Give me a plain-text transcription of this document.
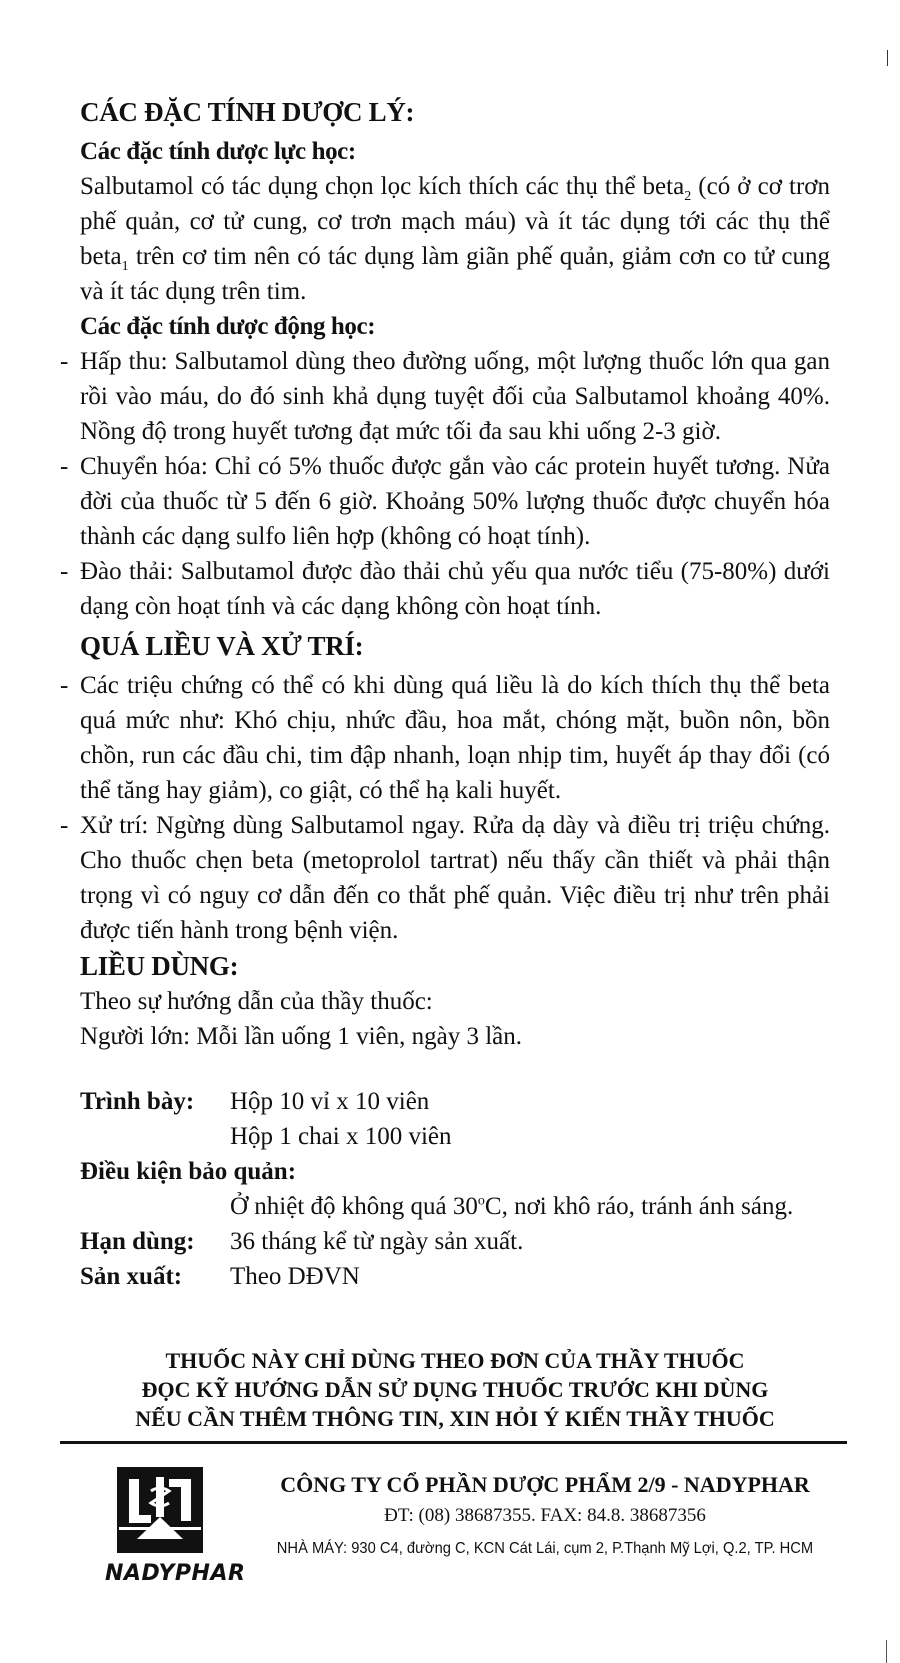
CÁC ĐẶC TÍNH DƯỢC LÝ:
Các đặc tính dược lực học:

Salbutamol có tác dụng chọn lọc kích thích các thụ thể beta$_2$ (có ở cơ trơn phế quản, cơ tử cung, cơ trơn mạch máu) và ít tác dụng tới các thụ thể beta$_1$ trên cơ tim nên có tác dụng làm giãn phế quản, giảm cơn co tử cung và ít tác dụng trên tim.

Các đặc tính dược động học:

- Hấp thu: Salbutamol dùng theo đường uống, một lượng thuốc lớn qua gan rồi vào máu, do đó sinh khả dụng tuyệt đối của Salbutamol khoảng 40%. Nồng độ trong huyết tương đạt mức tối đa sau khi uống 2-3 giờ.

- Chuyển hóa: Chỉ có 5% thuốc được gắn vào các protein huyết tương. Nửa đời của thuốc từ 5 đến 6 giờ. Khoảng 50% lượng thuốc được chuyển hóa thành các dạng sulfo liên hợp (không có hoạt tính).

- Đào thải: Salbutamol được đào thải chủ yếu qua nước tiểu (75-80%) dưới dạng còn hoạt tính và các dạng không còn hoạt tính.

QUÁ LIỀU VÀ XỬ TRÍ:

- Các triệu chứng có thể có khi dùng quá liều là do kích thích thụ thể beta quá mức như: Khó chịu, nhức đầu, hoa mắt, chóng mặt, buồn nôn, bồn chồn, run các đầu chi, tim đập nhanh, loạn nhịp tim, huyết áp thay đổi (có thể tăng hay giảm), co giật, có thể hạ kali huyết.

- Xử trí: Ngừng dùng Salbutamol ngay. Rửa dạ dày và điều trị triệu chứng. Cho thuốc chẹn beta (metoprolol tartrat) nếu thấy cần thiết và phải thận trọng vì có nguy cơ dẫn đến co thắt phế quản. Việc điều trị như trên phải được tiến hành trong bệnh viện.

LIỀU DÙNG:

Theo sự hướng dẫn của thầy thuốc:

Người lớn: Mỗi lần uống 1 viên, ngày 3 lần.

Trình bày:	Hộp 10 vỉ x 10 viên
Hộp 1 chai x 100 viên
Điều kiện bảo quản:
Ở nhiệt độ không quá 30$^o$C, nơi khô ráo, tránh ánh sáng.
Hạn dùng:	36 tháng kể từ ngày sản xuất.
Sản xuất:	Theo DĐVN
THUỐC NÀY CHỈ DÙNG THEO ĐƠN CỦA THẦY THUỐC
ĐỌC KỸ HƯỚNG DẪN SỬ DỤNG THUỐC TRƯỚC KHI DÙNG
NẾU CẦN THÊM THÔNG TIN, XIN HỎI Ý KIẾN THẦY THUỐC
NADYPHAR
CÔNG TY CỔ PHẦN DƯỢC PHẨM 2/9 - NADYPHAR
ĐT: (08) 38687355. FAX: 84.8. 38687356
NHÀ MÁY: 930 C4, đường C, KCN Cát Lái, cụm 2, P.Thạnh Mỹ Lợi, Q.2, TP. HCM
